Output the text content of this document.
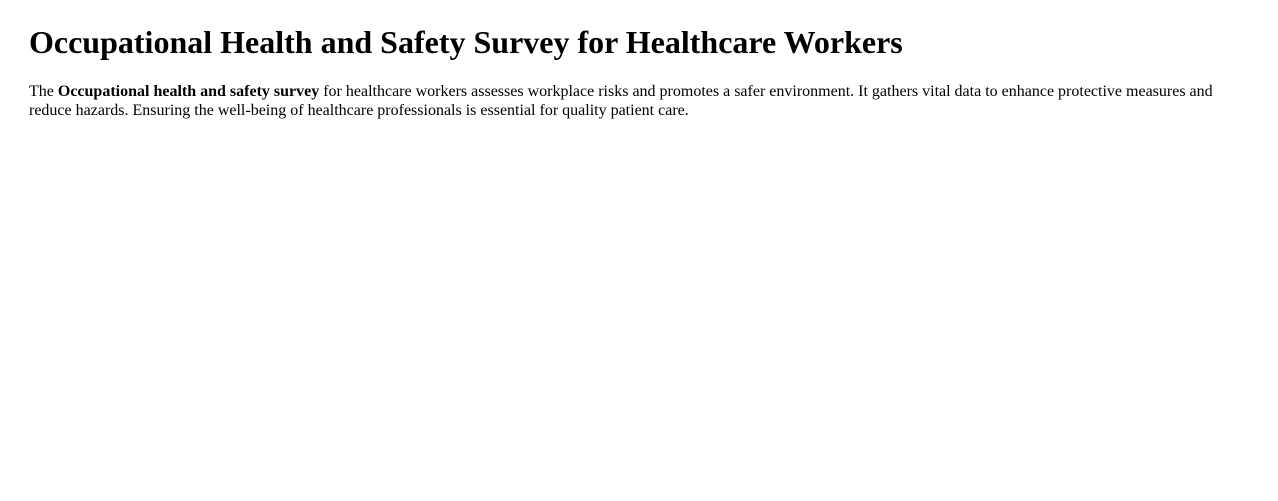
Occupational Health and Safety Survey for Healthcare Workers

The Occupational health and safety survey for healthcare workers assesses workplace risks and promotes a safer environment. It gathers vital data to enhance protective measures and reduce hazards. Ensuring the well-being of healthcare professionals is essential for quality patient care.
